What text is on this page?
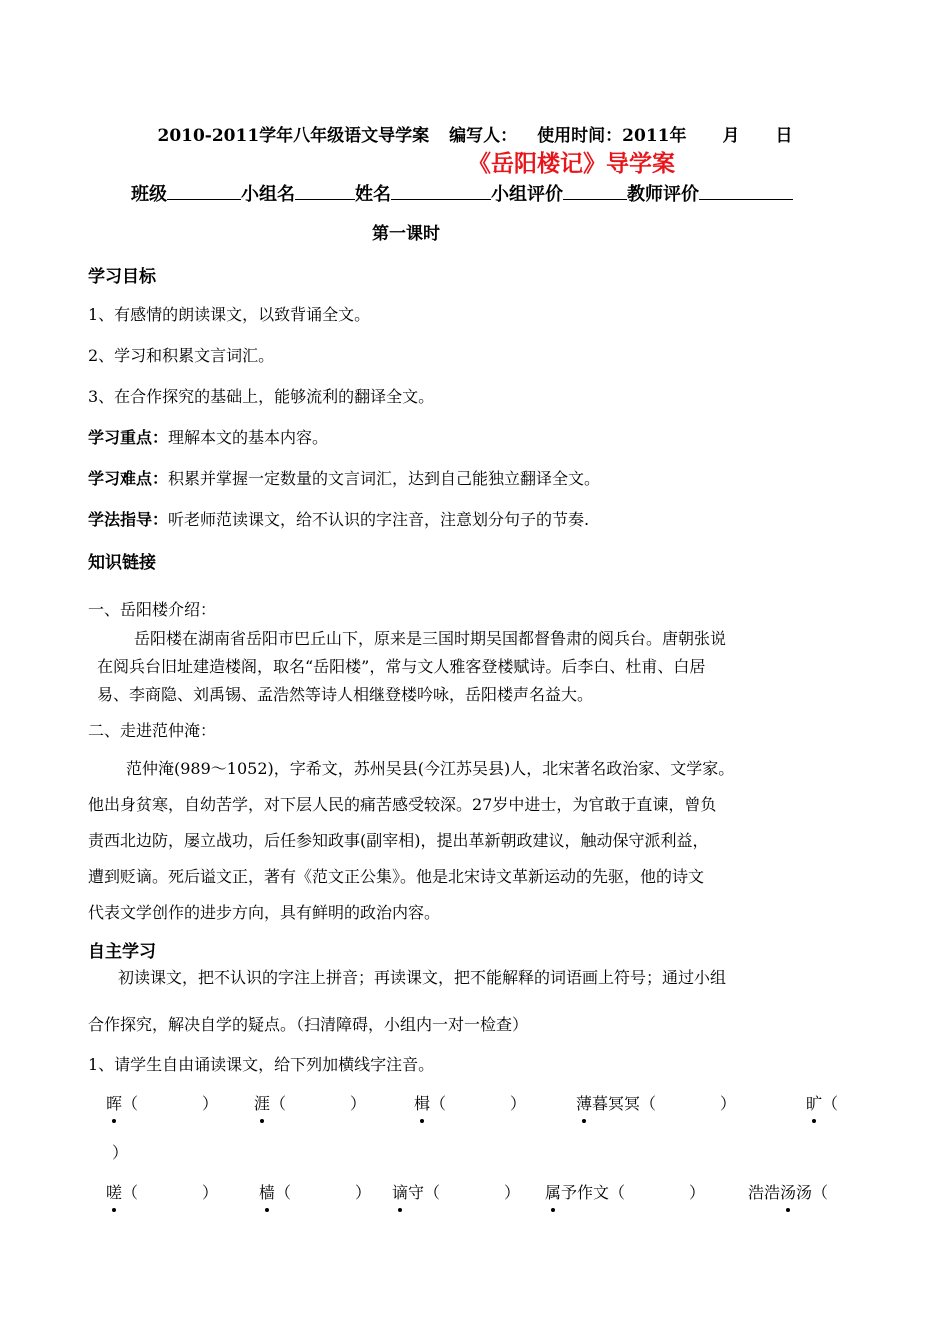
2010-2011学年八年级语文导学案 编写人： 使用时间：2011年 月 日
《岳阳楼记》导学案
班级	小组名	姓名	小组评价	教师评价
第一课时
学习目标
1、有感情的朗读课文，以致背诵全文。
2、学习和积累文言词汇。
3、在合作探究的基础上，能够流利的翻译全文。
学习重点：理解本文的基本内容。
学习难点：积累并掌握一定数量的文言词汇，达到自己能独立翻译全文。
学法指导：听老师范读课文，给不认识的字注音，注意划分句子的节奏.
知识链接
一、岳阳楼介绍：
岳阳楼在湖南省岳阳市巴丘山下，原来是三国时期吴国都督鲁肃的阅兵台。唐朝张说
在阅兵台旧址建造楼阁，取名“岳阳楼”，常与文人雅客登楼赋诗。后李白、杜甫、白居
易、李商隐、刘禹锡、孟浩然等诗人相继登楼吟咏，岳阳楼声名益大。
二、走进范仲淹：
范仲淹(989～1052)，字希文，苏州吴县(今江苏吴县)人，北宋著名政治家、文学家。
他出身贫寒，自幼苦学，对下层人民的痛苦感受较深。27岁中进士，为官敢于直谏，曾负
责西北边防，屡立战功，后任参知政事(副宰相)，提出革新朝政建议，触动保守派利益，
遭到贬谪。死后谥文正，著有《范文正公集》。他是北宋诗文革新运动的先驱，他的诗文
代表文学创作的进步方向，具有鲜明的政治内容。
自主学习
初读课文，把不认识的字注上拼音；再读课文，把不能解释的词语画上符号；通过小组
合作探究，解决自学的疑点。（扫清障碍，小组内一对一检查）
1、请学生自由诵读课文，给下列加横线字注音。
晖（　　　　） 涯（　　　　）	楫（　　　　）	薄暮冥冥（　　　　）	旷（
）
嗟（　　　　）	樯（　　　　） 谪守（　　　　） 属予作文（　　　　）	浩浩汤汤（
